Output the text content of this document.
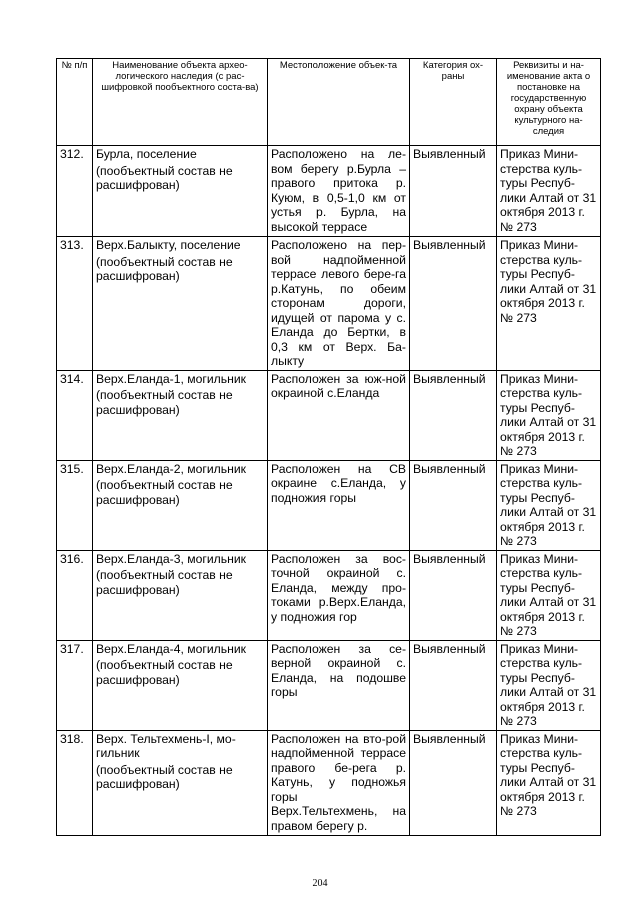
№ п/п	Наименование объекта архео-логического наследия (с рас-шифровкой пообъектного соста-ва)	Местоположение объек-та	Категория ох-раны	Реквизиты и на-именование акта о постановке на государственную охрану объекта культурного на-следия
312.	Бурла, поселение
(пообъектный состав не расшифрован)	Расположено на ле-вом берегу р.Бурла – правого притока р. Куюм, в 0,5-1,0 км от устья р. Бурла, на высокой террасе	Выявленный	Приказ Мини-стерства куль-туры Респуб-лики Алтай от 31 октября 2013 г. № 273
313.	Верх.Балыкту, поселение
(пообъектный состав не расшифрован)	Расположено на пер-вой надпойменной террасе левого бере-га р.Катунь, по обеим сторонам дороги, идущей от парома у с. Еланда до Бертки, в 0,3 км от Верх. Ба-лыкту	Выявленный	Приказ Мини-стерства куль-туры Респуб-лики Алтай от 31 октября 2013 г. № 273
314.	Верх.Еланда-1, могильник
(пообъектный состав не расшифрован)	Расположен за юж-ной окраиной с.Еланда	Выявленный	Приказ Мини-стерства куль-туры Респуб-лики Алтай от 31 октября 2013 г. № 273
315.	Верх.Еланда-2, могильник
(пообъектный состав не расшифрован)	Расположен на СВ окраине с.Еланда, у подножия горы	Выявленный	Приказ Мини-стерства куль-туры Респуб-лики Алтай от 31 октября 2013 г. № 273
316.	Верх.Еланда-3, могильник
(пообъектный состав не расшифрован)	Расположен за вос-точной окраиной с. Еланда, между про-токами р.Верх.Еланда, у подножия гор	Выявленный	Приказ Мини-стерства куль-туры Респуб-лики Алтай от 31 октября 2013 г. № 273
317.	Верх.Еланда-4, могильник
(пообъектный состав не расшифрован)	Расположен за се-верной окраиной с. Еланда, на подошве горы	Выявленный	Приказ Мини-стерства куль-туры Респуб-лики Алтай от 31 октября 2013 г. № 273
318.	Верх. Тельтехмень-I, мо-гильник
(пообъектный состав не расшифрован)	Расположен на вто-рой надпойменной террасе правого бе-рега р. Катунь, у подножья горы Верх.Тельтехмень, на правом берегу р.	Выявленный	Приказ Мини-стерства куль-туры Респуб-лики Алтай от 31 октября 2013 г. № 273
204
